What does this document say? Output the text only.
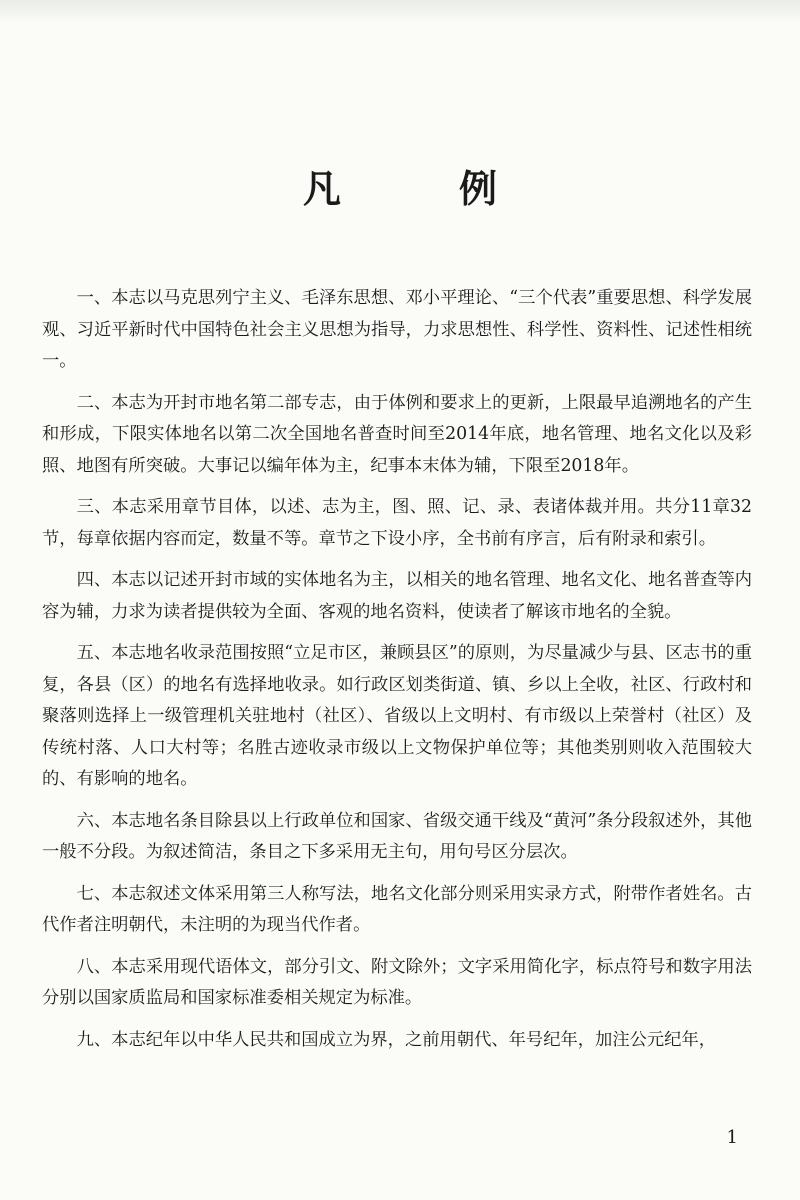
凡　例

一、本志以马克思列宁主义、毛泽东思想、邓小平理论、“三个代表”重要思想、科学发展观、习近平新时代中国特色社会主义思想为指导，力求思想性、科学性、资料性、记述性相统一。

二、本志为开封市地名第二部专志，由于体例和要求上的更新，上限最早追溯地名的产生和形成，下限实体地名以第二次全国地名普查时间至2014年底，地名管理、地名文化以及彩照、地图有所突破。大事记以编年体为主，纪事本末体为辅，下限至2018年。

三、本志采用章节目体，以述、志为主，图、照、记、录、表诸体裁并用。共分11章32节，每章依据内容而定，数量不等。章节之下设小序，全书前有序言，后有附录和索引。

四、本志以记述开封市域的实体地名为主，以相关的地名管理、地名文化、地名普查等内容为辅，力求为读者提供较为全面、客观的地名资料，使读者了解该市地名的全貌。

五、本志地名收录范围按照“立足市区，兼顾县区”的原则，为尽量减少与县、区志书的重复，各县（区）的地名有选择地收录。如行政区划类街道、镇、乡以上全收，社区、行政村和聚落则选择上一级管理机关驻地村（社区）、省级以上文明村、有市级以上荣誉村（社区）及传统村落、人口大村等；名胜古迹收录市级以上文物保护单位等；其他类别则收入范围较大的、有影响的地名。

六、本志地名条目除县以上行政单位和国家、省级交通干线及“黄河”条分段叙述外，其他一般不分段。为叙述简洁，条目之下多采用无主句，用句号区分层次。

七、本志叙述文体采用第三人称写法，地名文化部分则采用实录方式，附带作者姓名。古代作者注明朝代，未注明的为现当代作者。

八、本志采用现代语体文，部分引文、附文除外；文字采用简化字，标点符号和数字用法分别以国家质监局和国家标准委相关规定为标准。

九、本志纪年以中华人民共和国成立为界，之前用朝代、年号纪年，加注公元纪年，

1
